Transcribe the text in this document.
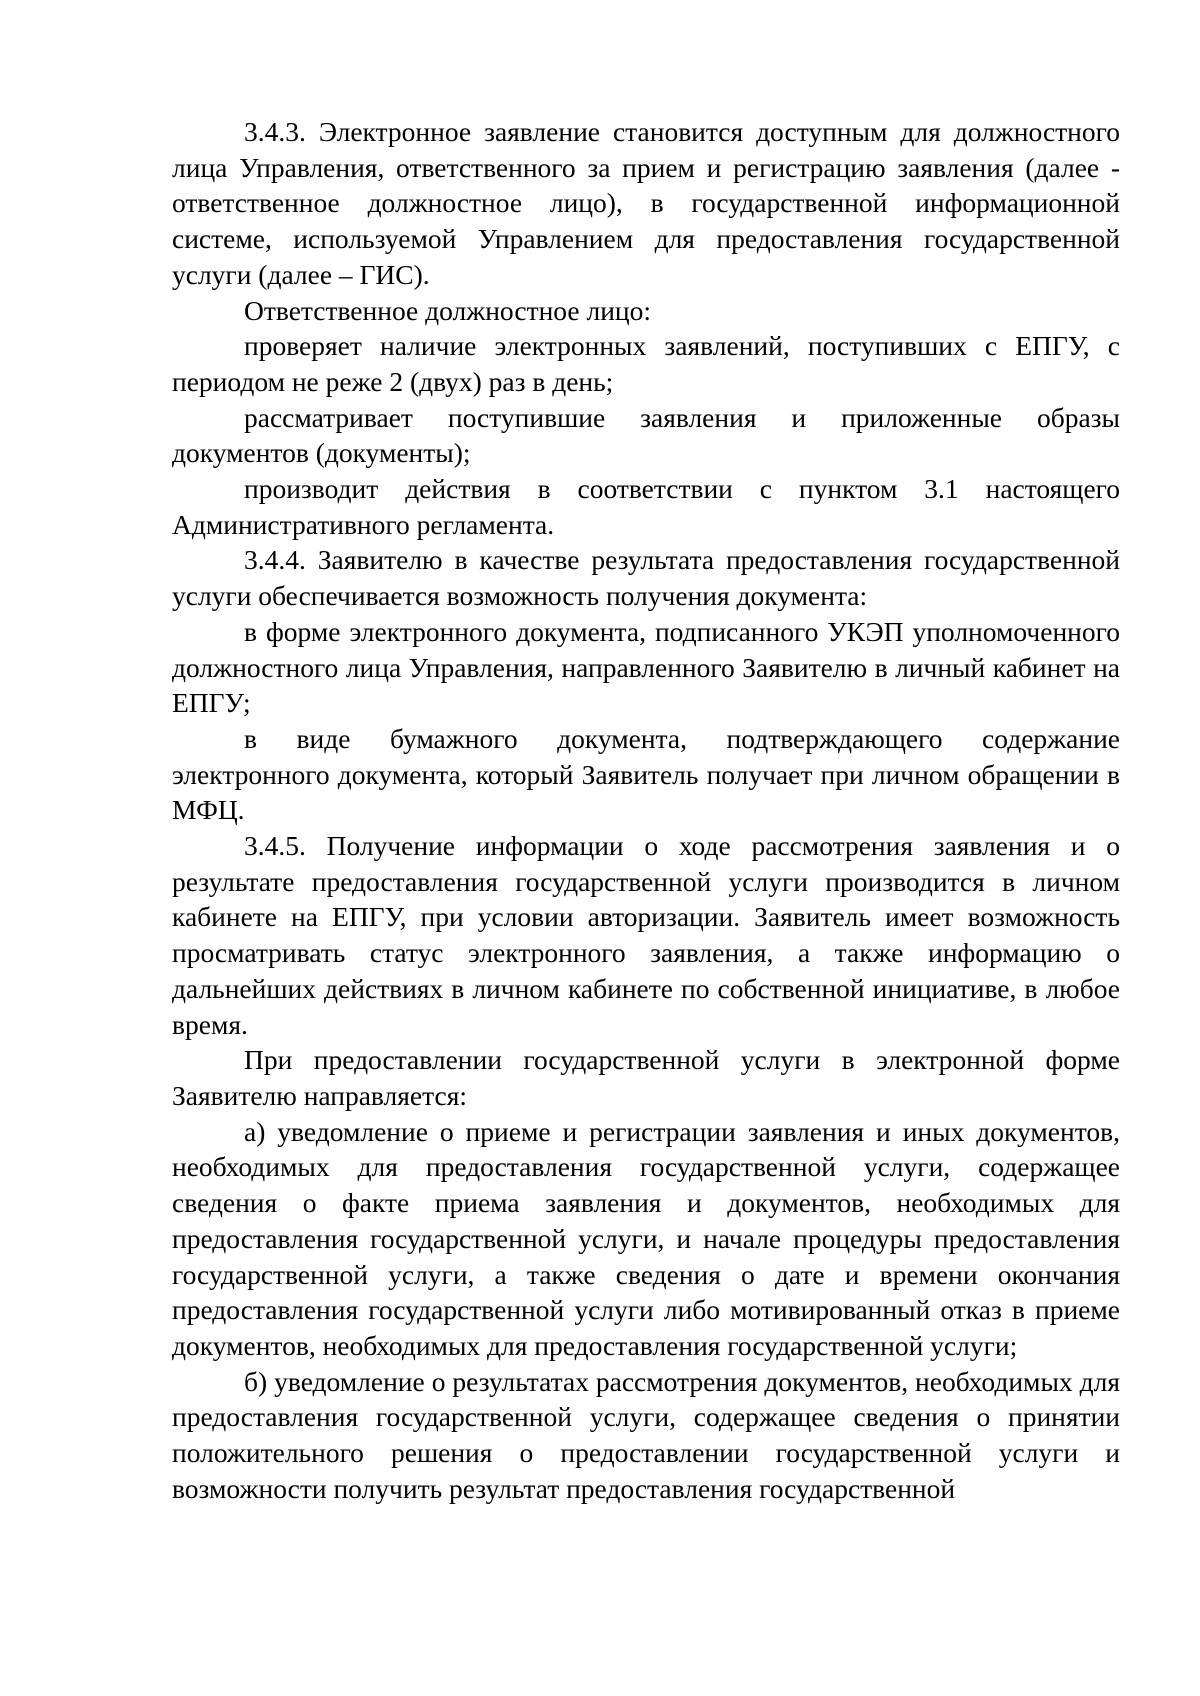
3.4.3. Электронное заявление становится доступным для должностного лица Управления, ответственного за прием и регистрацию заявления (далее - ответственное должностное лицо), в государственной информационной системе, используемой Управлением для предоставления государственной услуги (далее – ГИС).

Ответственное должностное лицо:

проверяет наличие электронных заявлений, поступивших с ЕПГУ, с периодом не реже 2 (двух) раз в день;

рассматривает поступившие заявления и приложенные образы документов (документы);

производит действия в соответствии с пунктом 3.1 настоящего Административного регламента.

3.4.4. Заявителю в качестве результата предоставления государственной услуги обеспечивается возможность получения документа:

в форме электронного документа, подписанного УКЭП уполномоченного должностного лица Управления, направленного Заявителю в личный кабинет на ЕПГУ;

в виде бумажного документа, подтверждающего содержание электронного документа, который Заявитель получает при личном обращении в МФЦ.

3.4.5. Получение информации о ходе рассмотрения заявления и о результате предоставления государственной услуги производится в личном кабинете на ЕПГУ, при условии авторизации. Заявитель имеет возможность просматривать статус электронного заявления, а также информацию о дальнейших действиях в личном кабинете по собственной инициативе, в любое время.

При предоставлении государственной услуги в электронной форме Заявителю направляется:

а) уведомление о приеме и регистрации заявления и иных документов, необходимых для предоставления государственной услуги, содержащее сведения о факте приема заявления и документов, необходимых для предоставления государственной услуги, и начале процедуры предоставления государственной услуги, а также сведения о дате и времени окончания предоставления государственной услуги либо мотивированный отказ в приеме документов, необходимых для предоставления государственной услуги;

б) уведомление о результатах рассмотрения документов, необходимых для предоставления государственной услуги, содержащее сведения о принятии положительного решения о предоставлении государственной услуги и возможности получить результат предоставления государственной
